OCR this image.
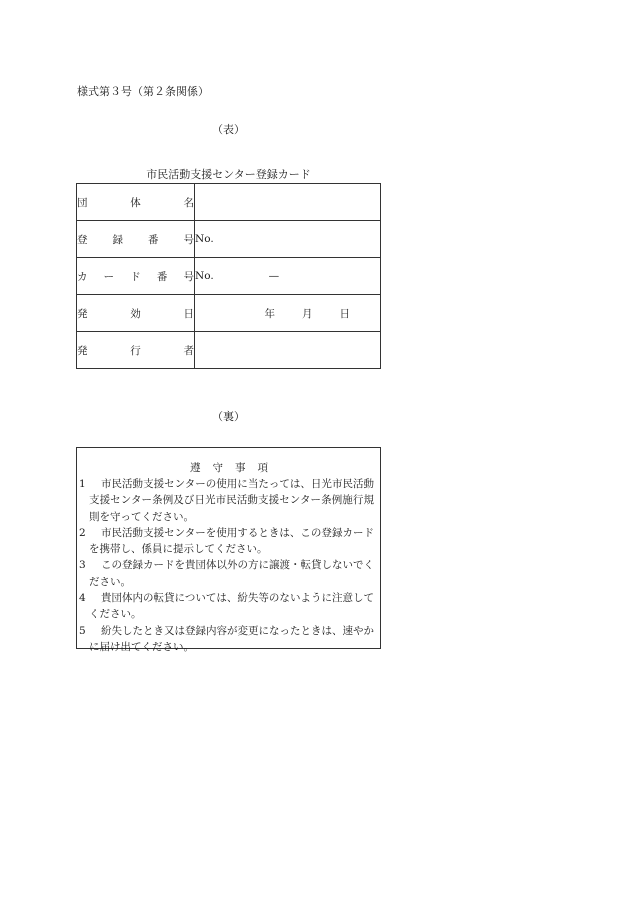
様式第３号（第２条関係）
（表）
市民活動支援センター登録カード
団 体 名	

登 録 番 号	No.

カ ー ド 番 号	No. —

発 効 日	年 月 日

発 行 者	

（裏）
遵 守 事 項
1 市民活動支援センターの使用に当たっては、日光市民活動支援センター条例及び日光市民活動支援センター条例施行規則を守ってください。
2 市民活動支援センターを使用するときは、この登録カードを携帯し、係員に提示してください。
3 この登録カードを貴団体以外の方に譲渡・転貸しないでください。
4 貴団体内の転貸については、紛失等のないように注意してください。
5 紛失したとき又は登録内容が変更になったときは、速やかに届け出てください。
